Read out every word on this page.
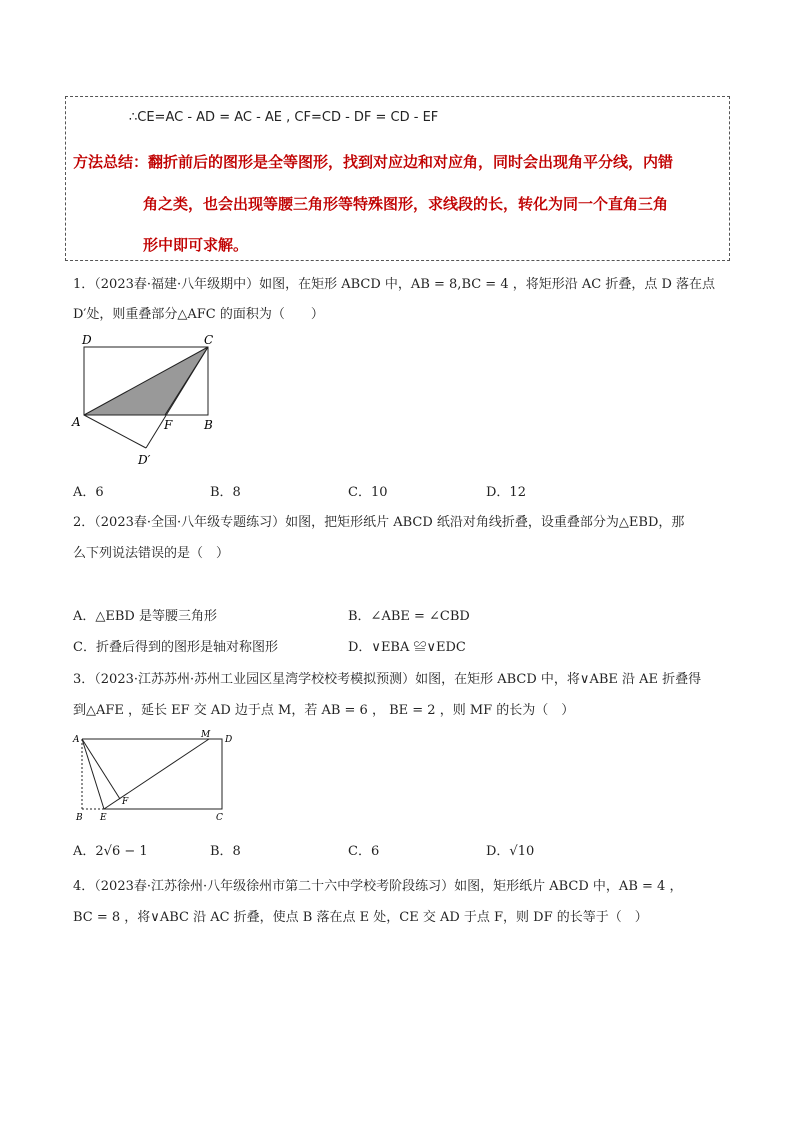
∴CE=AC - AD = AC - AE , CF=CD - DF = CD - EF
方法总结：翻折前后的图形是全等图形，找到对应边和对应角，同时会出现角平分线，内错
角之类，也会出现等腰三角形等特殊图形，求线段的长，转化为同一个直角三角
形中即可求解。
1．（2023春·福建·八年级期中）如图，在矩形 ABCD 中，AB = 8,BC = 4 ，将矩形沿 AC 折叠，点 D 落在点
D′处，则重叠部分△AFC 的面积为（　　）
D	C
A	F	B
D′
A．6	B．8	C．10	D．12
2．（2023春·全国·八年级专题练习）如图，把矩形纸片 ABCD 纸沿对角线折叠，设重叠部分为△EBD，那
么下列说法错误的是（　）
A．△EBD 是等腰三角形	B．∠ABE = ∠CBD
C．折叠后得到的图形是轴对称图形	D．∨EBA ≌∨EDC
3．（2023·江苏苏州·苏州工业园区星湾学校校考模拟预测）如图，在矩形 ABCD 中，将∨ABE 沿 AE 折叠得
到△AFE ，延长 EF 交 AD 边于点 M，若 AB = 6 ， BE = 2 ，则 MF 的长为（　）
A	M D
F
B E	C
A．2√6 − 1	B．8	C．6	D．√10
4．（2023春·江苏徐州·八年级徐州市第二十六中学校考阶段练习）如图，矩形纸片 ABCD 中，AB = 4 ，
BC = 8 ，将∨ABC 沿 AC 折叠，使点 B 落在点 E 处，CE 交 AD 于点 F，则 DF 的长等于（　）
